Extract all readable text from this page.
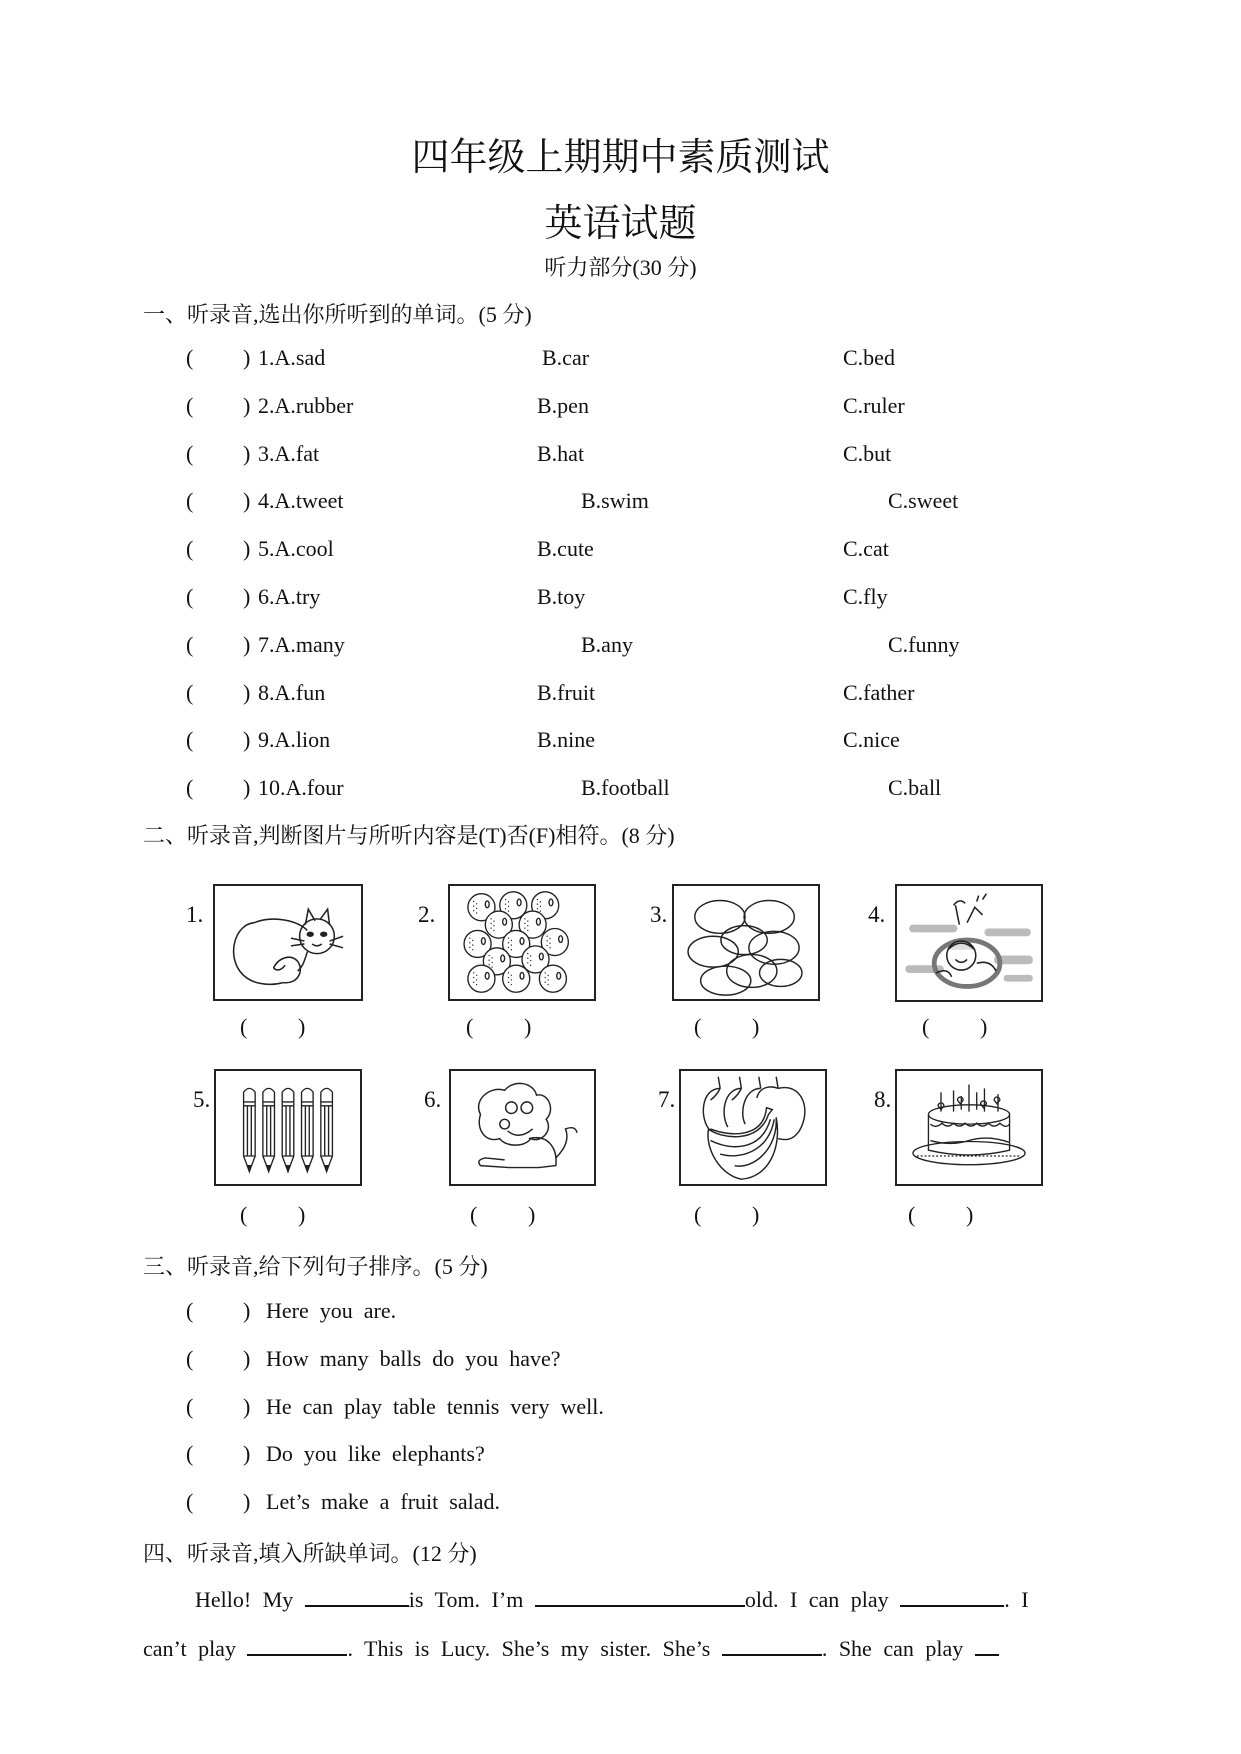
四年级上期期中素质测试
英语试题
听力部分(30 分)
一、听录音,选出你所听到的单词。(5 分)
( ) 1.A.sad	B.car	C.bed
( ) 2.A.rubber	B.pen	C.ruler
( ) 3.A.fat	B.hat	C.but
( ) 4.A.tweet	B.swim	C.sweet
( ) 5.A.cool	B.cute	C.cat
( ) 6.A.try	B.toy	C.fly
( ) 7.A.many	B.any	C.funny
( ) 8.A.fun	B.fruit	C.father
( ) 9.A.lion	B.nine	C.nice
( ) 10.A.four	B.football	C.ball
二、听录音,判断图片与所听内容是(T)否(F)相符。(8 分)
1.
( )
2.
( )
3.
( )
4.
( )
5.
( )
6.
( )
7.
( )
8.
( )
三、听录音,给下列句子排序。(5 分)
( ) Here  you  are.
( ) How  many  balls  do  you  have?
( ) He  can  play  table  tennis  very  well.
( ) Do  you  like  elephants?
( ) Let’s  make  a  fruit  salad.
四、听录音,填入所缺单词。(12 分)
Hello! My	is Tom. I’m	old. I can play	. I
can’t play	. This is Lucy. She’s my sister. She’s	. She can play
